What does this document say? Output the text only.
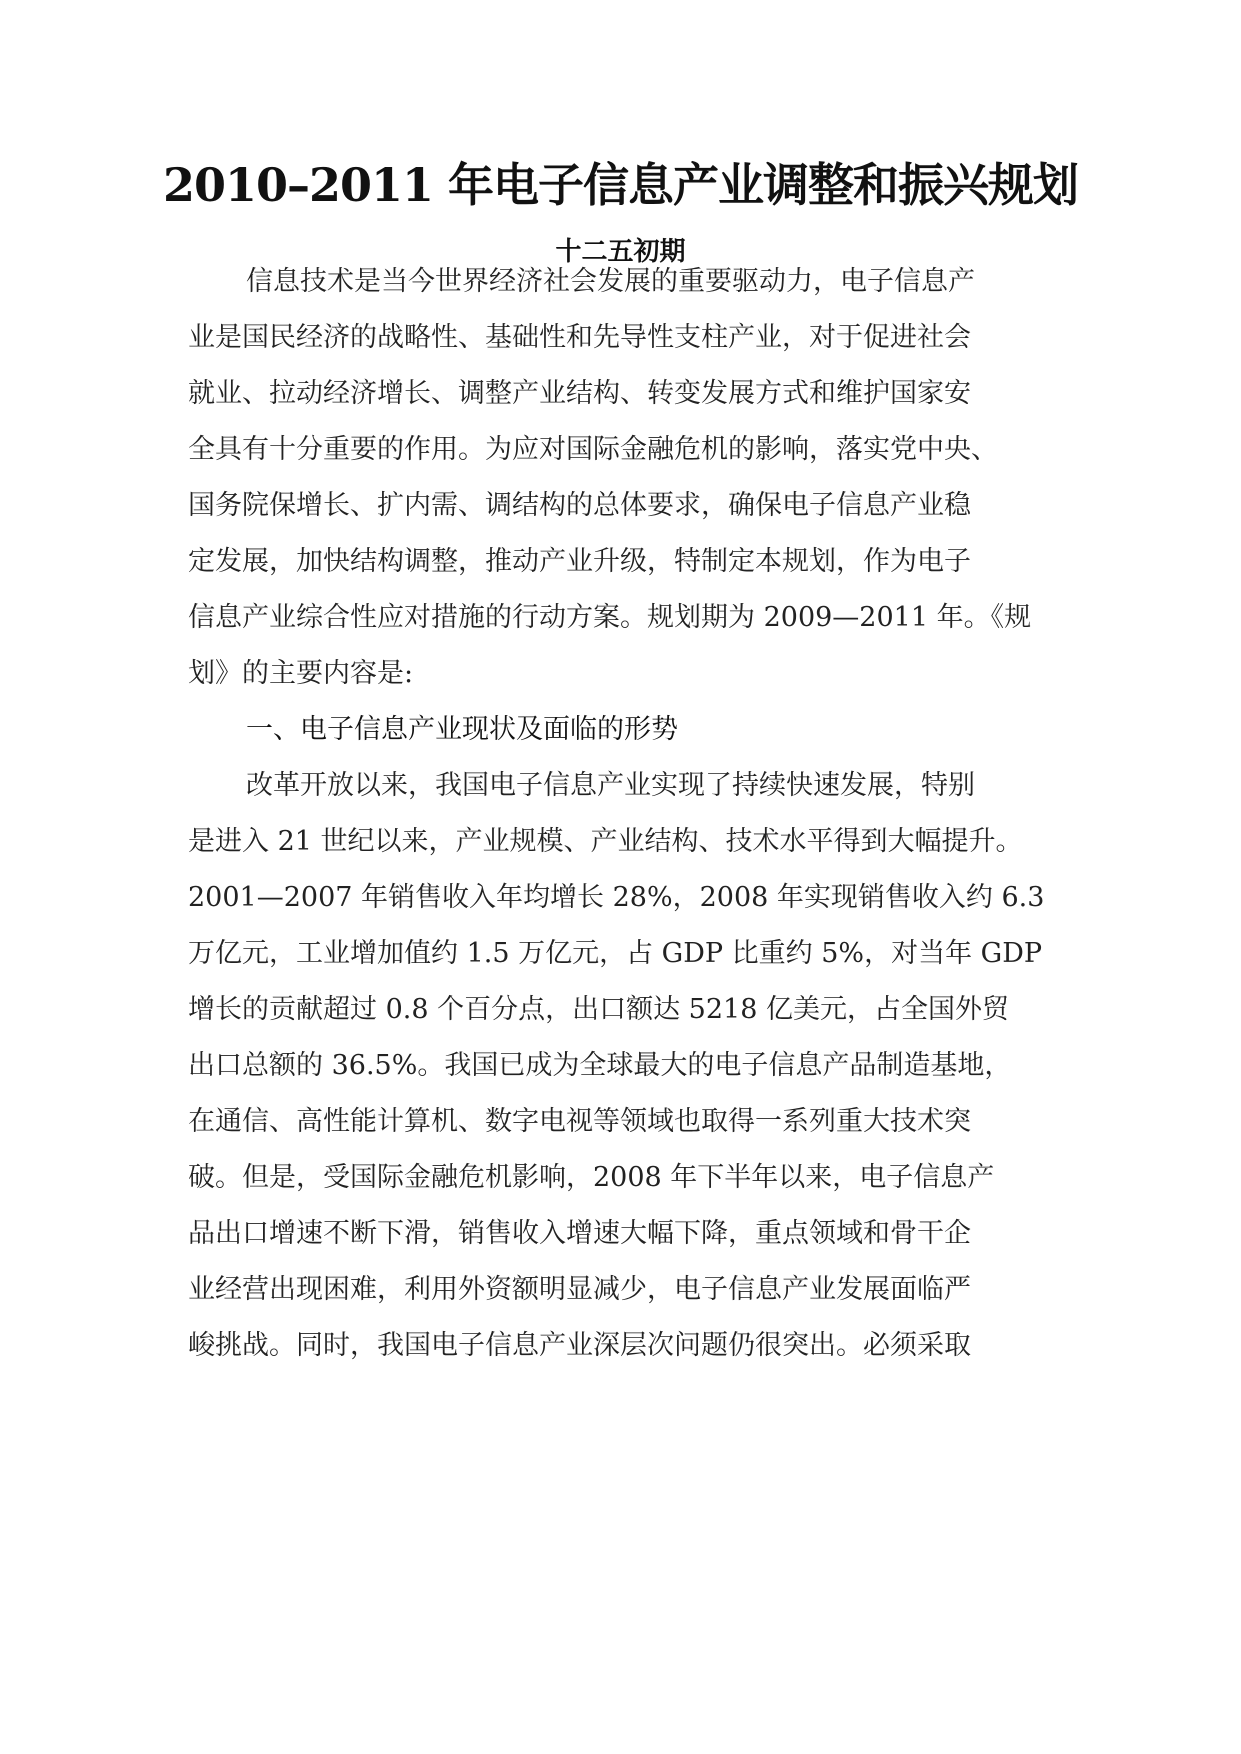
2010–2011 年电子信息产业调整和振兴规划
十二五初期
信息技术是当今世界经济社会发展的重要驱动力，电子信息产
业是国民经济的战略性、基础性和先导性支柱产业，对于促进社会
就业、拉动经济增长、调整产业结构、转变发展方式和维护国家安
全具有十分重要的作用。为应对国际金融危机的影响，落实党中央、
国务院保增长、扩内需、调结构的总体要求，确保电子信息产业稳
定发展，加快结构调整，推动产业升级，特制定本规划，作为电子
信息产业综合性应对措施的行动方案。规划期为 2009—2011 年。《规
划》的主要内容是:
一、电子信息产业现状及面临的形势
改革开放以来，我国电子信息产业实现了持续快速发展，特别
是进入 21 世纪以来，产业规模、产业结构、技术水平得到大幅提升。
2001—2007 年销售收入年均增长 28%，2008 年实现销售收入约 6.3
万亿元，工业增加值约 1.5 万亿元，占 GDP 比重约 5%，对当年 GDP
增长的贡献超过 0.8 个百分点，出口额达 5218 亿美元，占全国外贸
出口总额的 36.5%。我国已成为全球最大的电子信息产品制造基地，
在通信、高性能计算机、数字电视等领域也取得一系列重大技术突
破。但是，受国际金融危机影响，2008 年下半年以来，电子信息产
品出口增速不断下滑，销售收入增速大幅下降，重点领域和骨干企
业经营出现困难，利用外资额明显减少，电子信息产业发展面临严
峻挑战。同时，我国电子信息产业深层次问题仍很突出。必须采取
